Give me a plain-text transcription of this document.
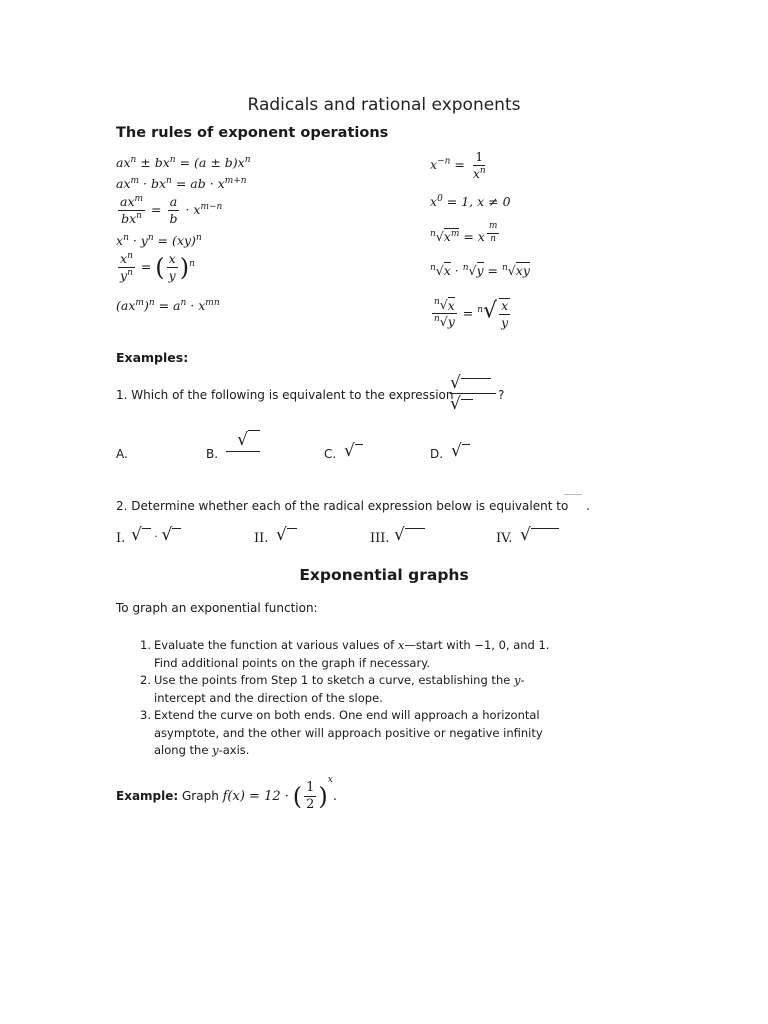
Radicals and rational exponents
The rules of exponent operations
$ax^n \pm bx^n = (a \pm b)x^n$
$ax^m \cdot bx^n$ = ab · $x^{m+n}$
$\frac{ax^m}{bx^n} = \frac{a}{b} \cdot x^{m-n}$
$x^n \cdot y^n = (xy)^n$
$\frac{x^n}{y^n}$ = ( $\frac{x}{y} )^n$
$(ax^m)^n = a^n \cdot x^{mn}$
$x^{-n} = \frac{1}{x^n}$
$x^0 = 1$, x ≠ 0
$^n√x^m = x$ $^{\frac{m}{n}}$
$^n$√x · $^n$√y = $^n$√xy
$\frac{^n√x}{^n√y} = ^n√ \frac{x}{y}$
Examples:
1. Which of the following is equivalent to the expression
√
√	?
A.	B.
√
C. √	D. √
2. Determine whether each of the radical expression below is equivalent to .
I. √ · √	II. √	III. √	IV. √
Exponential graphs
To graph an exponential function:
1. Evaluate the function at various values of x—start with −1, 0, and 1. Find additional points on the graph if necessary.
2. Use the points from Step 1 to sketch a curve, establishing the y-intercept and the direction of the slope.
3. Extend the curve on both ends. One end will approach a horizontal asymptote, and the other will approach positive or negative infinity along the y-axis.
Example: Graph f(x) = 12 · ( $\frac{1}{2} )^x$.
